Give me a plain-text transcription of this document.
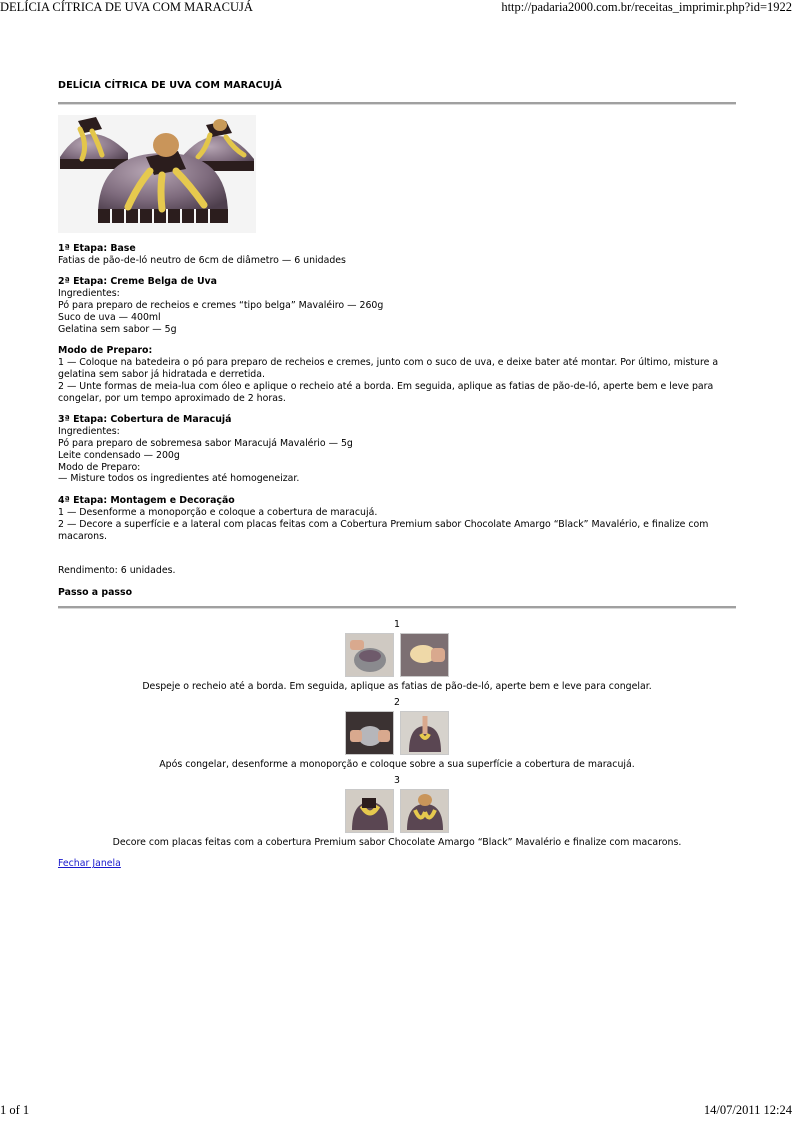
DELÍCIA CÍTRICA DE UVA COM MARACUJÁ	http://padaria2000.com.br/receitas_imprimir.php?id=1922
DELÍCIA CÍTRICA DE UVA COM MARACUJÁ
1ª Etapa: Base
Fatias de pão-de-ló neutro de 6cm de diâmetro — 6 unidades
2ª Etapa: Creme Belga de Uva
Ingredientes:
Pó para preparo de recheios e cremes “tipo belga” Mavaléiro — 260g
Suco de uva — 400ml
Gelatina sem sabor — 5g
Modo de Preparo:
1 — Coloque na batedeira o pó para preparo de recheios e cremes, junto com o suco de uva, e deixe bater até montar. Por último, misture a gelatina sem sabor já hidratada e derretida.
2 — Unte formas de meia-lua com óleo e aplique o recheio até a borda. Em seguida, aplique as fatias de pão-de-ló, aperte bem e leve para congelar, por um tempo aproximado de 2 horas.
3ª Etapa: Cobertura de Maracujá
Ingredientes:
Pó para preparo de sobremesa sabor Maracujá Mavalério — 5g
Leite condensado — 200g
Modo de Preparo:
— Misture todos os ingredientes até homogeneizar.
4ª Etapa: Montagem e Decoração
1 — Desenforme a monoporção e coloque a cobertura de maracujá.
2 — Decore a superfície e a lateral com placas feitas com a Cobertura Premium sabor Chocolate Amargo “Black” Mavalério, e finalize com macarons.
Rendimento: 6 unidades.
Passo a passo
1
Despeje o recheio até a borda. Em seguida, aplique as fatias de pão-de-ló, aperte bem e leve para congelar.
2
Após congelar, desenforme a monoporção e coloque sobre a sua superfície a cobertura de maracujá.
3
Decore com placas feitas com a cobertura Premium sabor Chocolate Amargo “Black” Mavalério e finalize com macarons.
Fechar Janela
1 of 1	14/07/2011 12:24
